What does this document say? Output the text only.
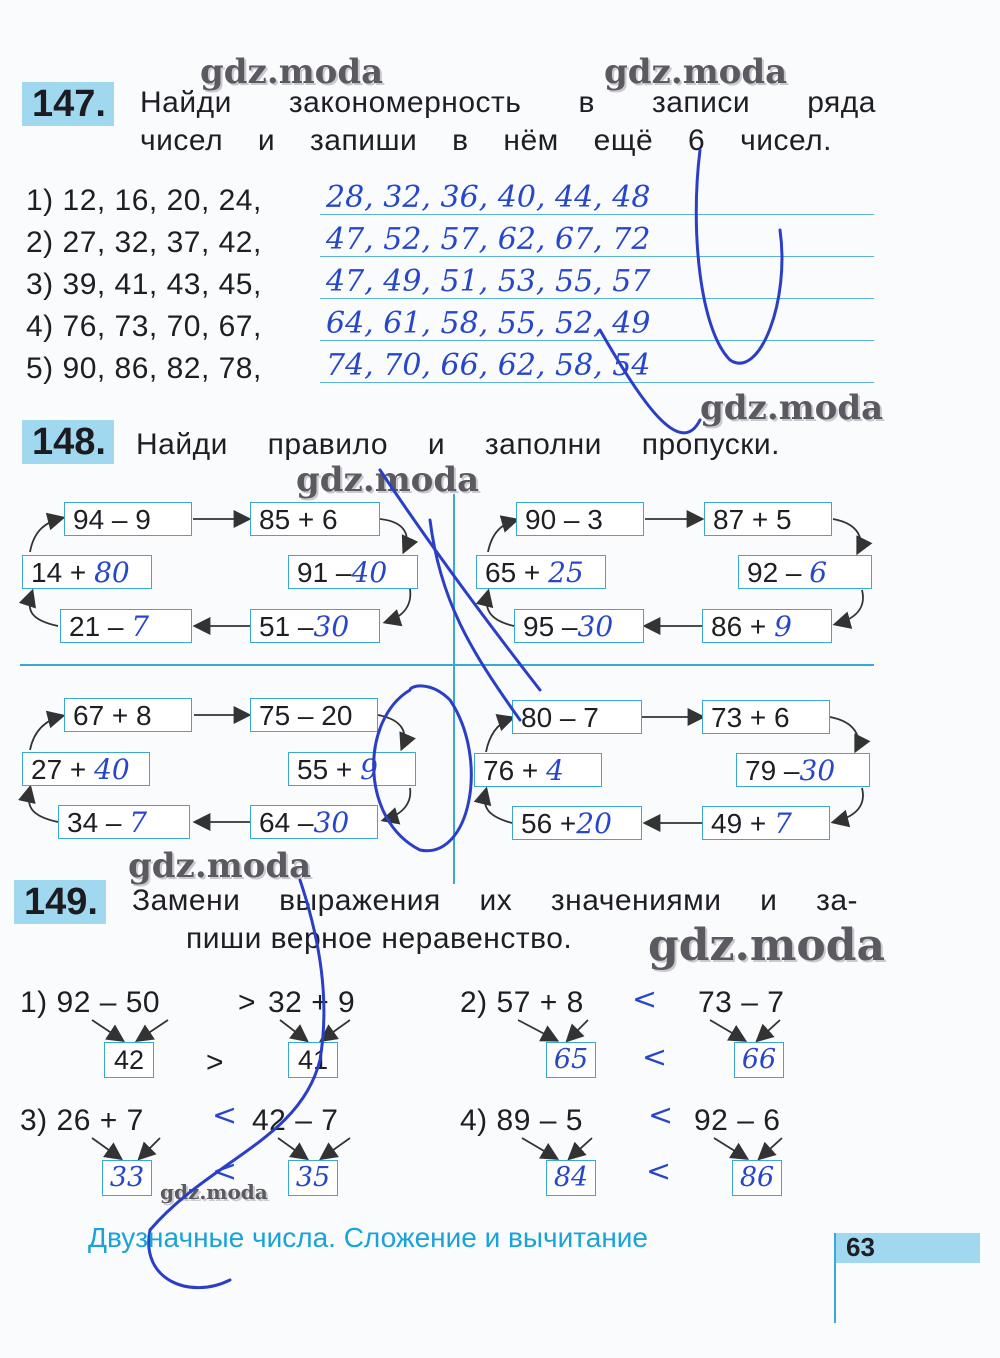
gdz.moda	gdz.moda
gdz.moda
gdz.moda
gdz.moda
gdz.moda
gdz.moda
147. Найди закономерность в записи ряда
чисел и запиши в нём ещё 6 чисел.
1) 12, 16, 20, 24, 28, 32, 36, 40, 44, 48
2) 27, 32, 37, 42, 47, 52, 57, 62, 67, 72
3) 39, 41, 43, 45, 47, 49, 51, 53, 55, 57
4) 76, 73, 70, 67, 64, 61, 58, 55, 52, 49
5) 90, 86, 82, 78, 74, 70, 66, 62, 58, 54
148. Найди правило и заполни пропуски.
94 – 9	85 + 6
14 + 80	91 –40
21 – 7	51 –30
90 – 3	87 + 5
65 + 25	92 – 6
95 –30	86 + 9
67 + 8	75 – 20
27 + 40	55 + 9
34 – 7	64 –30
80 – 7	73 + 6
76 + 4	79 –30
56 +20	49 + 7
149. Замени выражения их значениями и за-
пиши верное неравенство.
1) 92 – 50	> 32 + 9
42	>	41
2) 57 + 8 < 73 – 7
65 <	66
3) 26 + 7 < 42 – 7
33 < 35
4) 89 – 5 < 92 – 6
84 <	86
Двузначные числа. Сложение и вычитание	63
